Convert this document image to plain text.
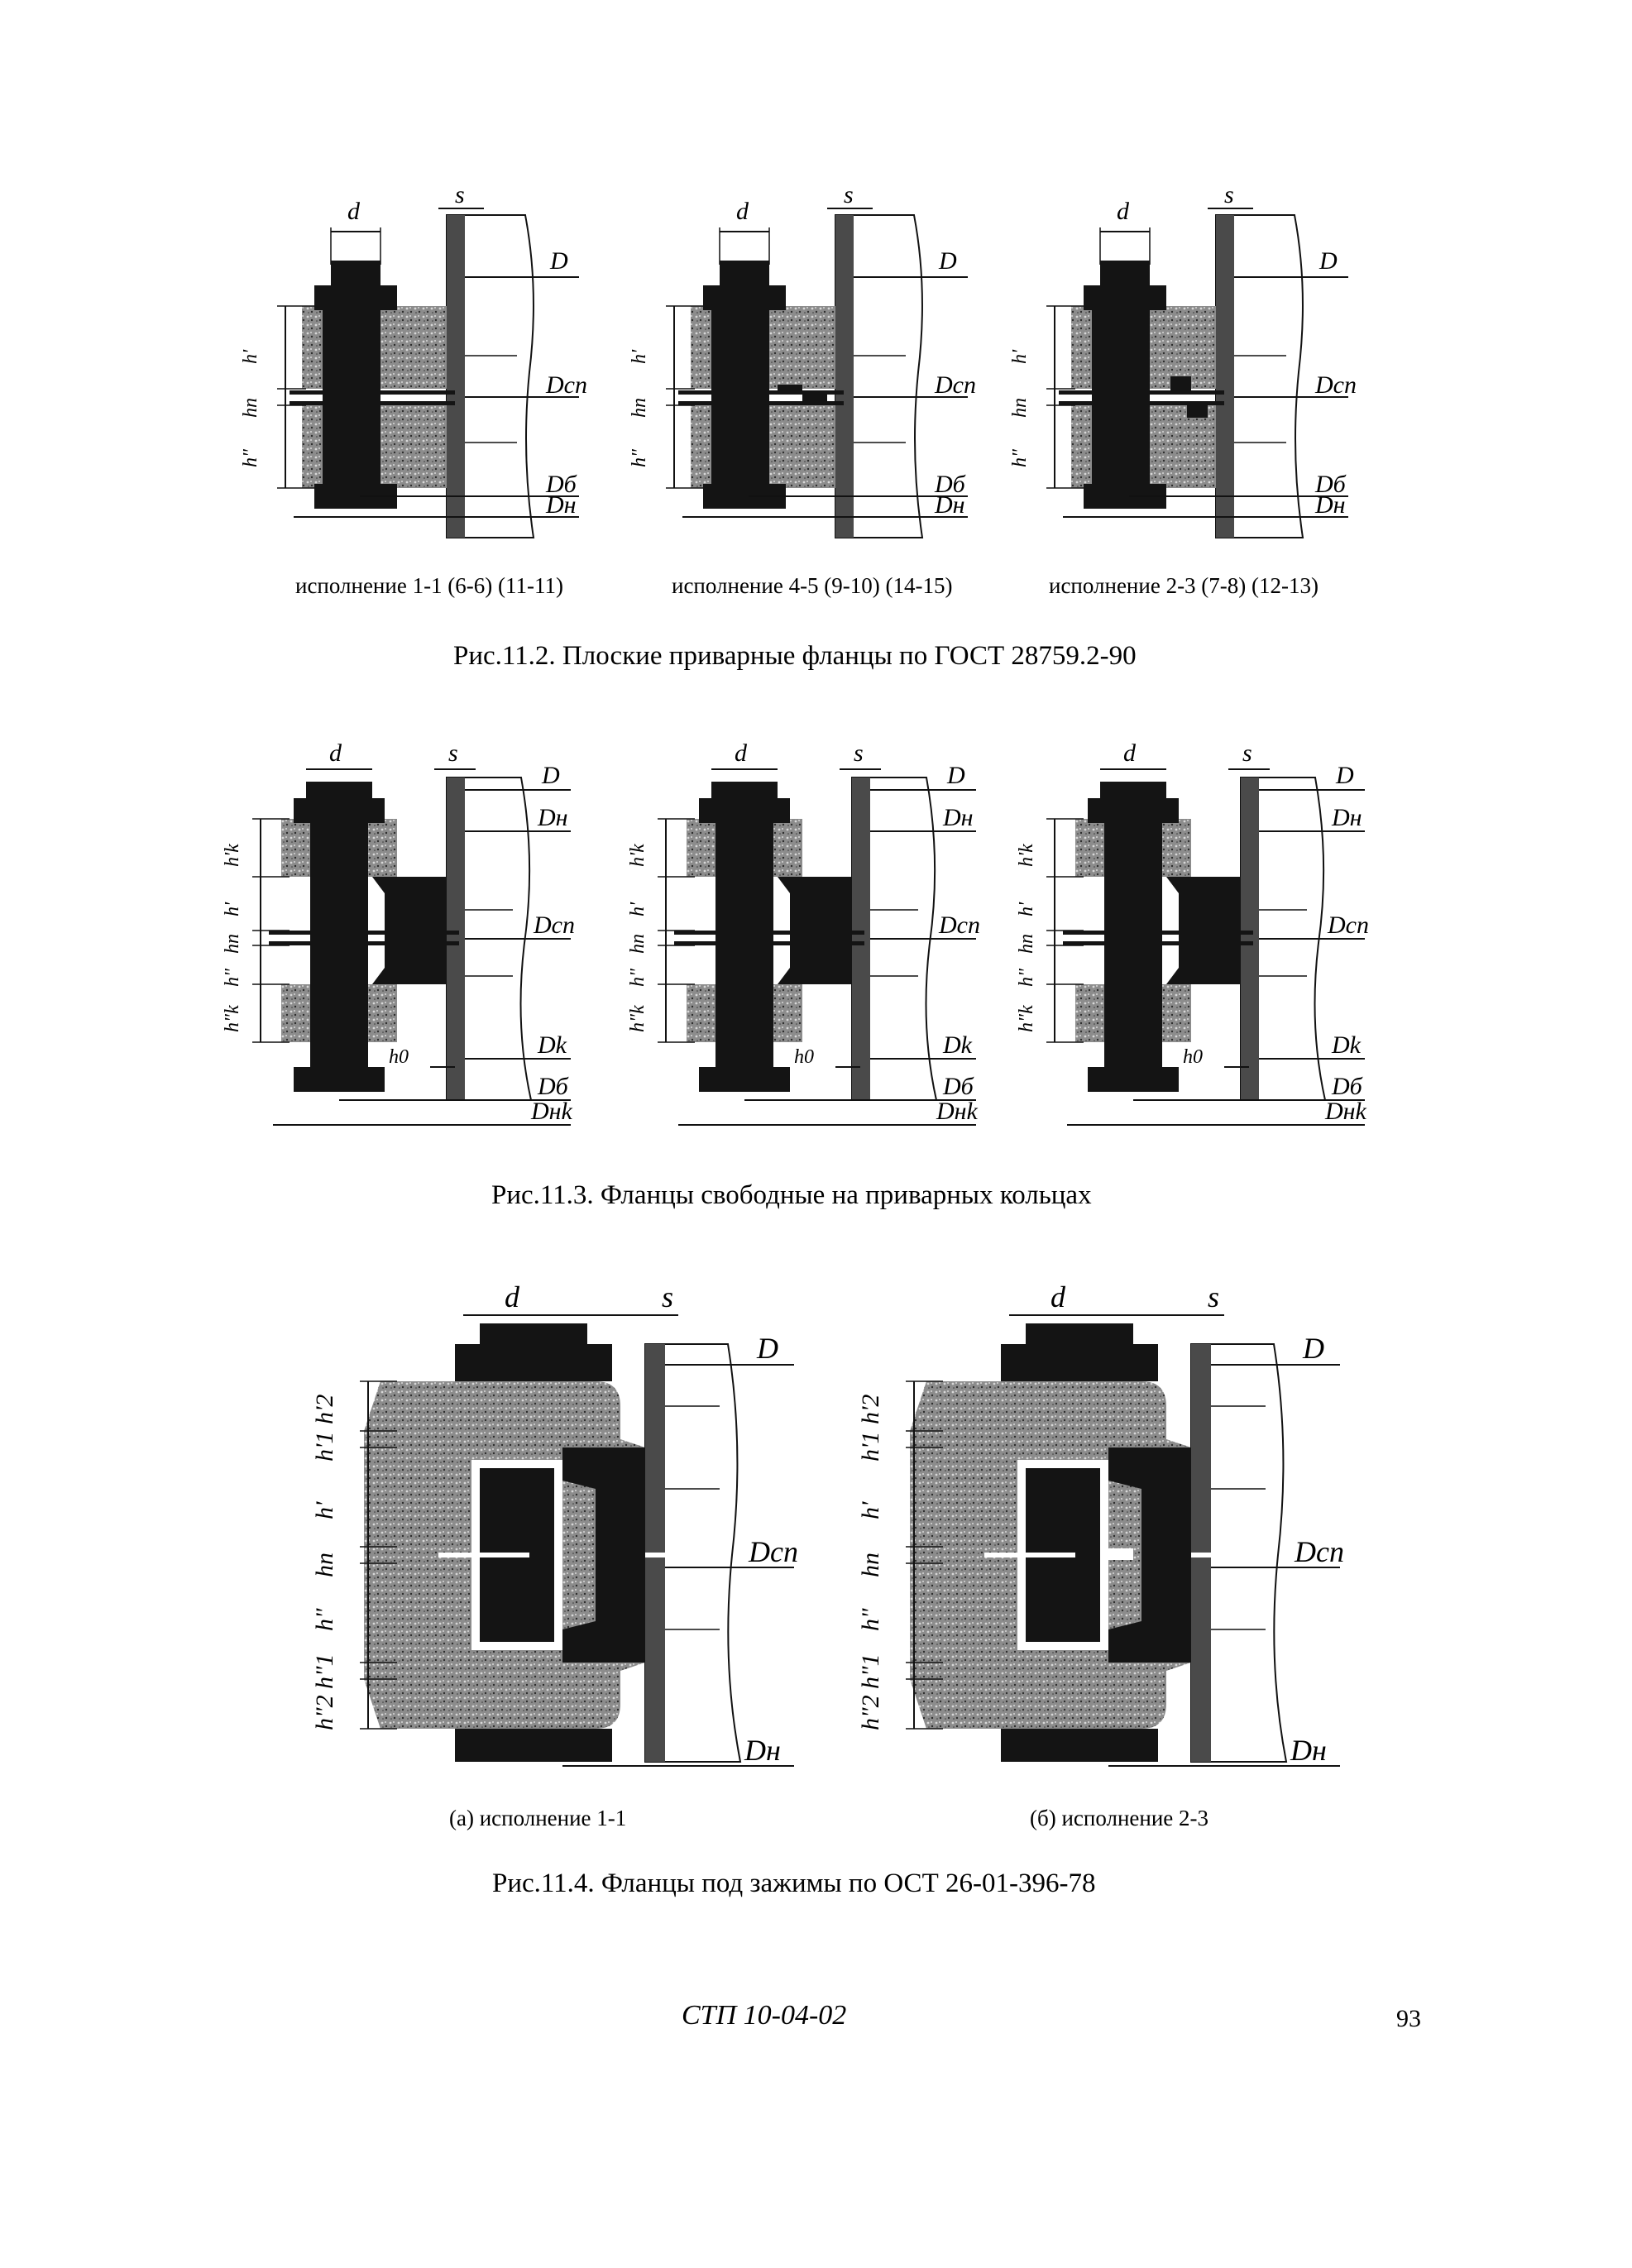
d
s
D
Dсп
Dб
Dн
h'
hп
h"
d
s
D
Dсп
Dб
Dн
h'
hп
h"
d
s
D
Dсп
Dб
Dн
h'
hп
h"
исполнение 1-1 (6-6) (11-11)	исполнение 4-5 (9-10) (14-15)	исполнение 2-3 (7-8) (12-13)
Рис.11.2. Плоские приварные фланцы по ГОСТ 28759.2-90
d	s
D
Dн
Dсп
Dk
Dб
Dнk
h0
h'k
h'
hп
h"
h"k
d	s
D
Dн
Dсп
Dk
Dб
Dнk
h0
h'k
h'
hп
h"
h"k
d	s
D
Dн
Dсп
Dk
Dб
Dнk
h0
h'k
h'
hп
h"
h"k
Рис.11.3. Фланцы свободные на приварных кольцах
d	s
D
Dсп
Dн
h'2
h'1
h'
hп
h"
h"1
h"2
d	s
D
Dсп
Dн
h'2
h'1
h'
hп
h"
h"1
h"2
(а) исполнение 1-1	(б) исполнение 2-3
Рис.11.4. Фланцы под зажимы по ОСТ 26-01-396-78
СТП 10-04-02	93
